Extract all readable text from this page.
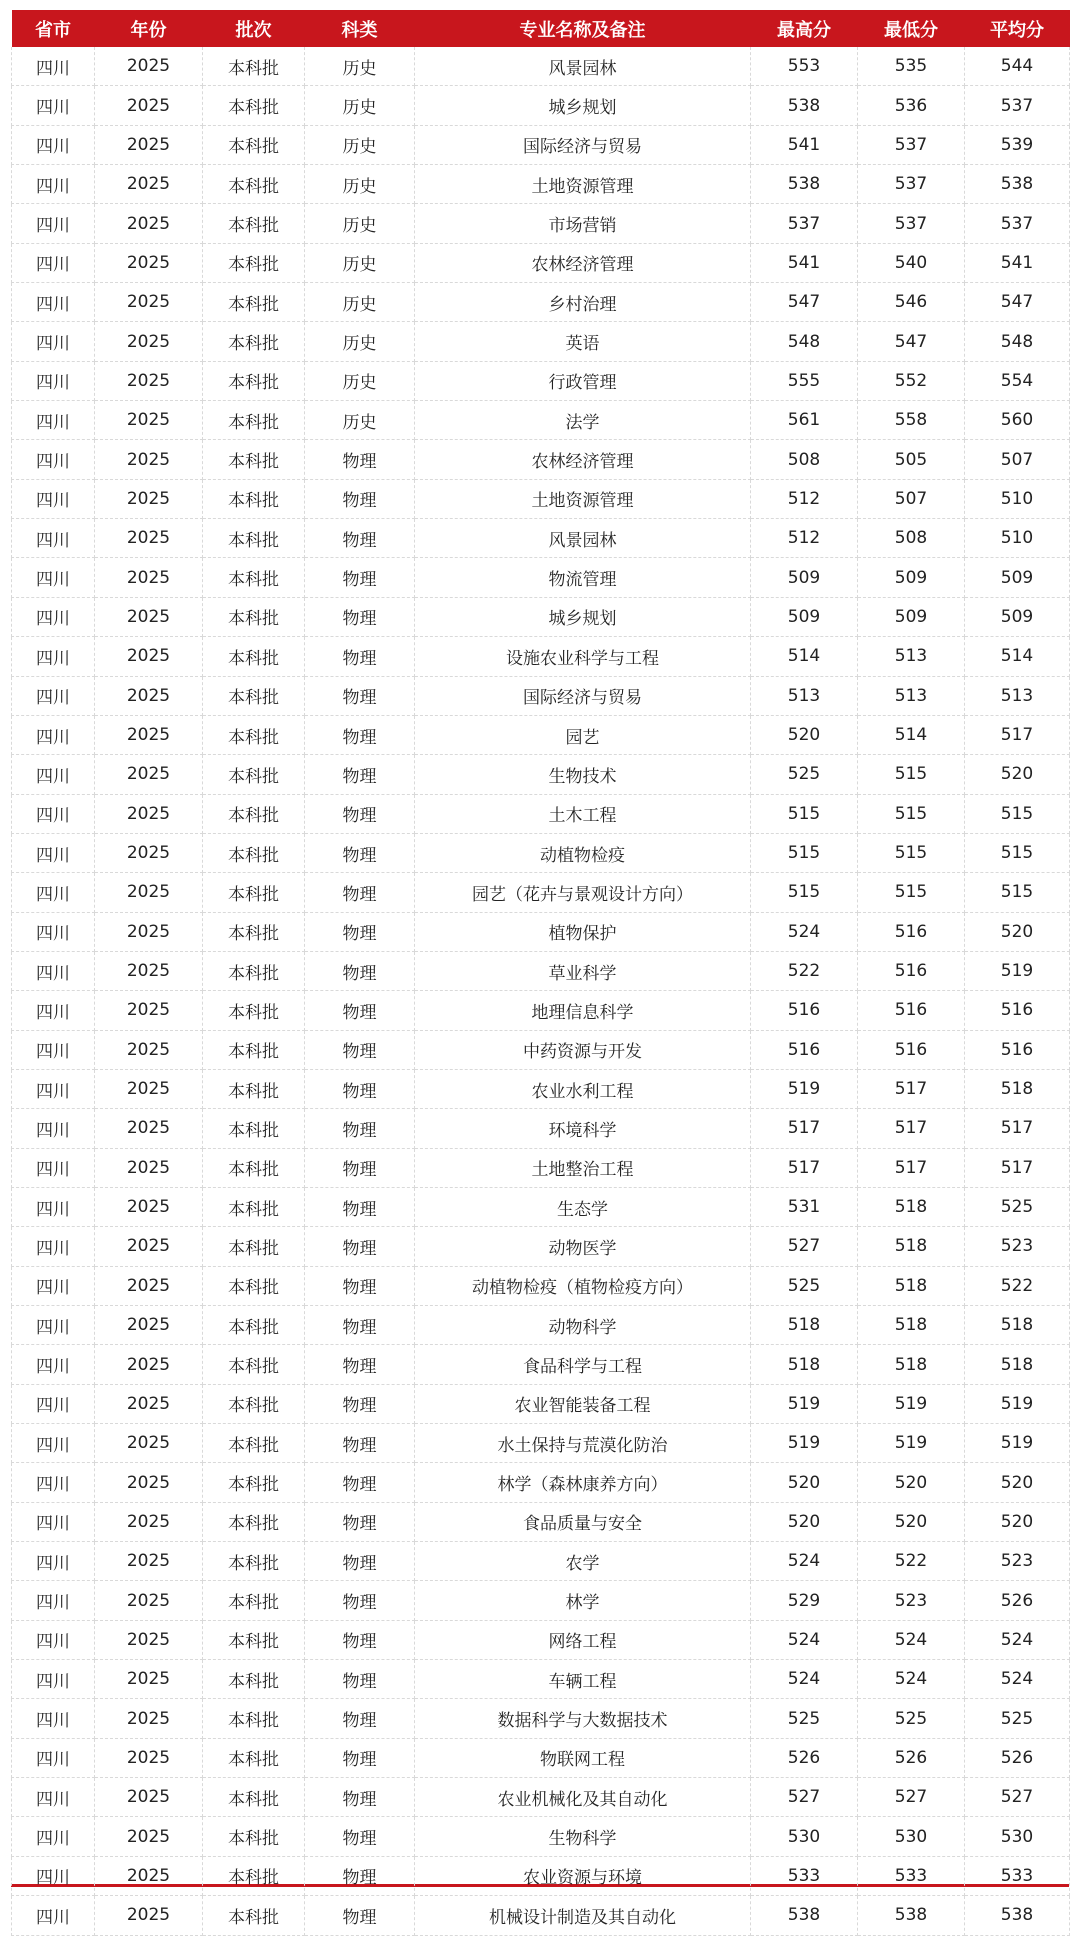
省市	年份	批次	科类	专业名称及备注	最高分	最低分	平均分
四川	2025	本科批	历史	风景园林	553	535	544
四川	2025	本科批	历史	城乡规划	538	536	537
四川	2025	本科批	历史	国际经济与贸易	541	537	539
四川	2025	本科批	历史	土地资源管理	538	537	538
四川	2025	本科批	历史	市场营销	537	537	537
四川	2025	本科批	历史	农林经济管理	541	540	541
四川	2025	本科批	历史	乡村治理	547	546	547
四川	2025	本科批	历史	英语	548	547	548
四川	2025	本科批	历史	行政管理	555	552	554
四川	2025	本科批	历史	法学	561	558	560
四川	2025	本科批	物理	农林经济管理	508	505	507
四川	2025	本科批	物理	土地资源管理	512	507	510
四川	2025	本科批	物理	风景园林	512	508	510
四川	2025	本科批	物理	物流管理	509	509	509
四川	2025	本科批	物理	城乡规划	509	509	509
四川	2025	本科批	物理	设施农业科学与工程	514	513	514
四川	2025	本科批	物理	国际经济与贸易	513	513	513
四川	2025	本科批	物理	园艺	520	514	517
四川	2025	本科批	物理	生物技术	525	515	520
四川	2025	本科批	物理	土木工程	515	515	515
四川	2025	本科批	物理	动植物检疫	515	515	515
四川	2025	本科批	物理	园艺（花卉与景观设计方向）	515	515	515
四川	2025	本科批	物理	植物保护	524	516	520
四川	2025	本科批	物理	草业科学	522	516	519
四川	2025	本科批	物理	地理信息科学	516	516	516
四川	2025	本科批	物理	中药资源与开发	516	516	516
四川	2025	本科批	物理	农业水利工程	519	517	518
四川	2025	本科批	物理	环境科学	517	517	517
四川	2025	本科批	物理	土地整治工程	517	517	517
四川	2025	本科批	物理	生态学	531	518	525
四川	2025	本科批	物理	动物医学	527	518	523
四川	2025	本科批	物理	动植物检疫（植物检疫方向）	525	518	522
四川	2025	本科批	物理	动物科学	518	518	518
四川	2025	本科批	物理	食品科学与工程	518	518	518
四川	2025	本科批	物理	农业智能装备工程	519	519	519
四川	2025	本科批	物理	水土保持与荒漠化防治	519	519	519
四川	2025	本科批	物理	林学（森林康养方向）	520	520	520
四川	2025	本科批	物理	食品质量与安全	520	520	520
四川	2025	本科批	物理	农学	524	522	523
四川	2025	本科批	物理	林学	529	523	526
四川	2025	本科批	物理	网络工程	524	524	524
四川	2025	本科批	物理	车辆工程	524	524	524
四川	2025	本科批	物理	数据科学与大数据技术	525	525	525
四川	2025	本科批	物理	物联网工程	526	526	526
四川	2025	本科批	物理	农业机械化及其自动化	527	527	527
四川	2025	本科批	物理	生物科学	530	530	530
四川	2025	本科批	物理	农业资源与环境	533	533	533
四川	2025	本科批	物理	机械设计制造及其自动化	538	538	538
